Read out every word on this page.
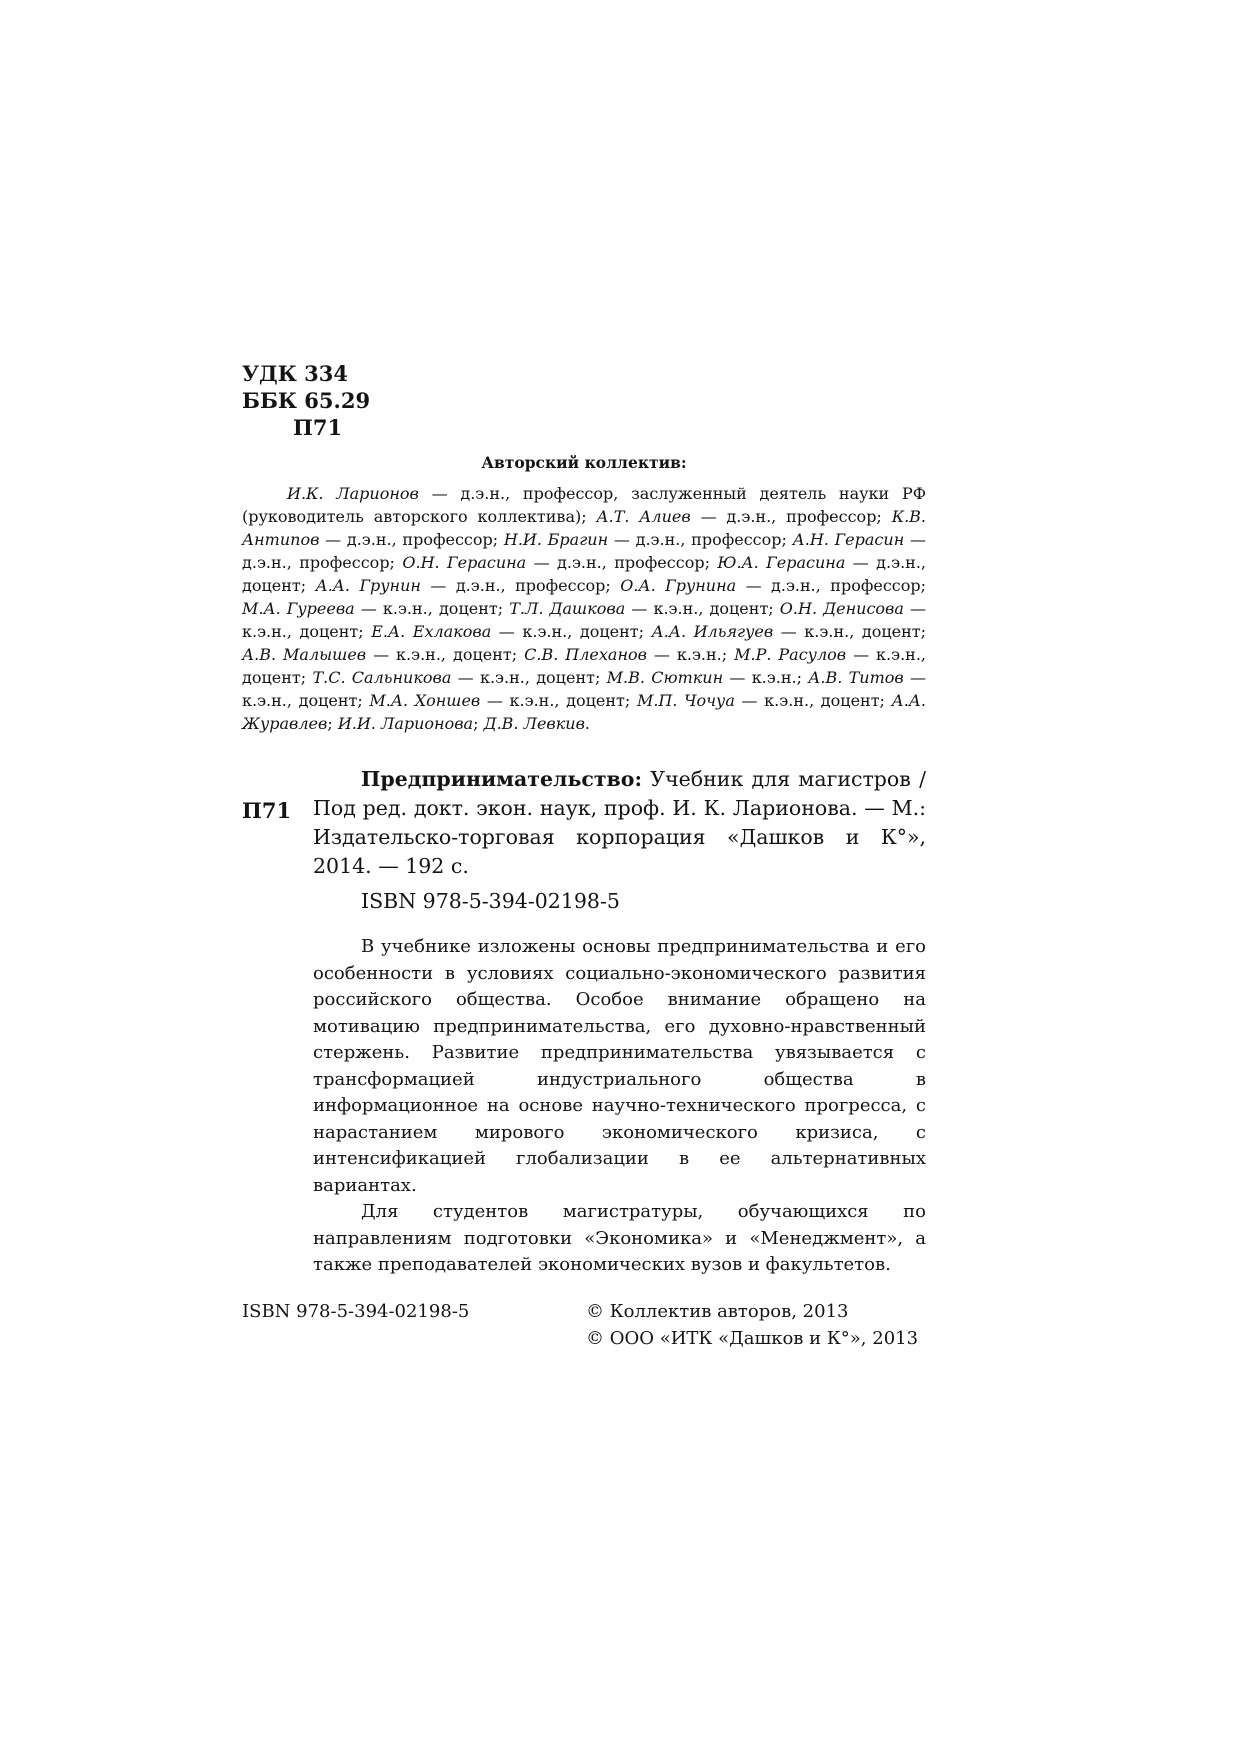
УДК 334
ББК 65.29
П71
Авторский коллектив:
И.К. Ларионов — д.э.н., профессор, заслуженный деятель науки РФ (руководитель авторского коллектива); А.Т. Алиев — д.э.н., профессор; К.В. Антипов — д.э.н., профессор; Н.И. Брагин — д.э.н., профессор; А.Н. Герасин — д.э.н., профессор; О.Н. Герасина — д.э.н., профессор; Ю.А. Герасина — д.э.н., доцент; А.А. Грунин — д.э.н., профессор; О.А. Грунина — д.э.н., профессор; М.А. Гуреева — к.э.н., доцент; Т.Л. Дашкова — к.э.н., доцент; О.Н. Денисова — к.э.н., доцент; Е.А. Ехлакова — к.э.н., доцент; А.А. Ильягуев — к.э.н., доцент; А.В. Малышев — к.э.н., доцент; С.В. Плеханов — к.э.н.; М.Р. Расулов — к.э.н., доцент; Т.С. Сальникова — к.э.н., доцент; М.В. Сюткин — к.э.н.; А.В. Титов — к.э.н., доцент; М.А. Хоншев — к.э.н., доцент; М.П. Чочуа — к.э.н., доцент; А.А. Журавлев; И.И. Ларионова; Д.В. Левкив.
П71
Предпринимательство: Учебник для магистров / Под ред. докт. экон. наук, проф. И. К. Ларионова. — М.: Издательско-торговая корпорация «Дашков и К°», 2014. — 192 с.
ISBN 978-5-394-02198-5

В учебнике изложены основы предпринимательства и его особенности в условиях социально-экономического развития российского общества. Особое внимание обращено на мотивацию предпринимательства, его духовно-нравственный стержень. Развитие предпринимательства увязывается с трансформацией индустриального общества в информационное на основе научно-технического прогресса, с нарастанием мирового экономического кризиса, с интенсификацией глобализации в ее альтернативных вариантах.

Для студентов магистратуры, обучающихся по направлениям подготовки «Экономика» и «Менеджмент», а также преподавателей экономических вузов и факультетов.

ISBN 978-5-394-02198-5	© Коллектив авторов, 2013
© ООО «ИТК «Дашков и К°», 2013
